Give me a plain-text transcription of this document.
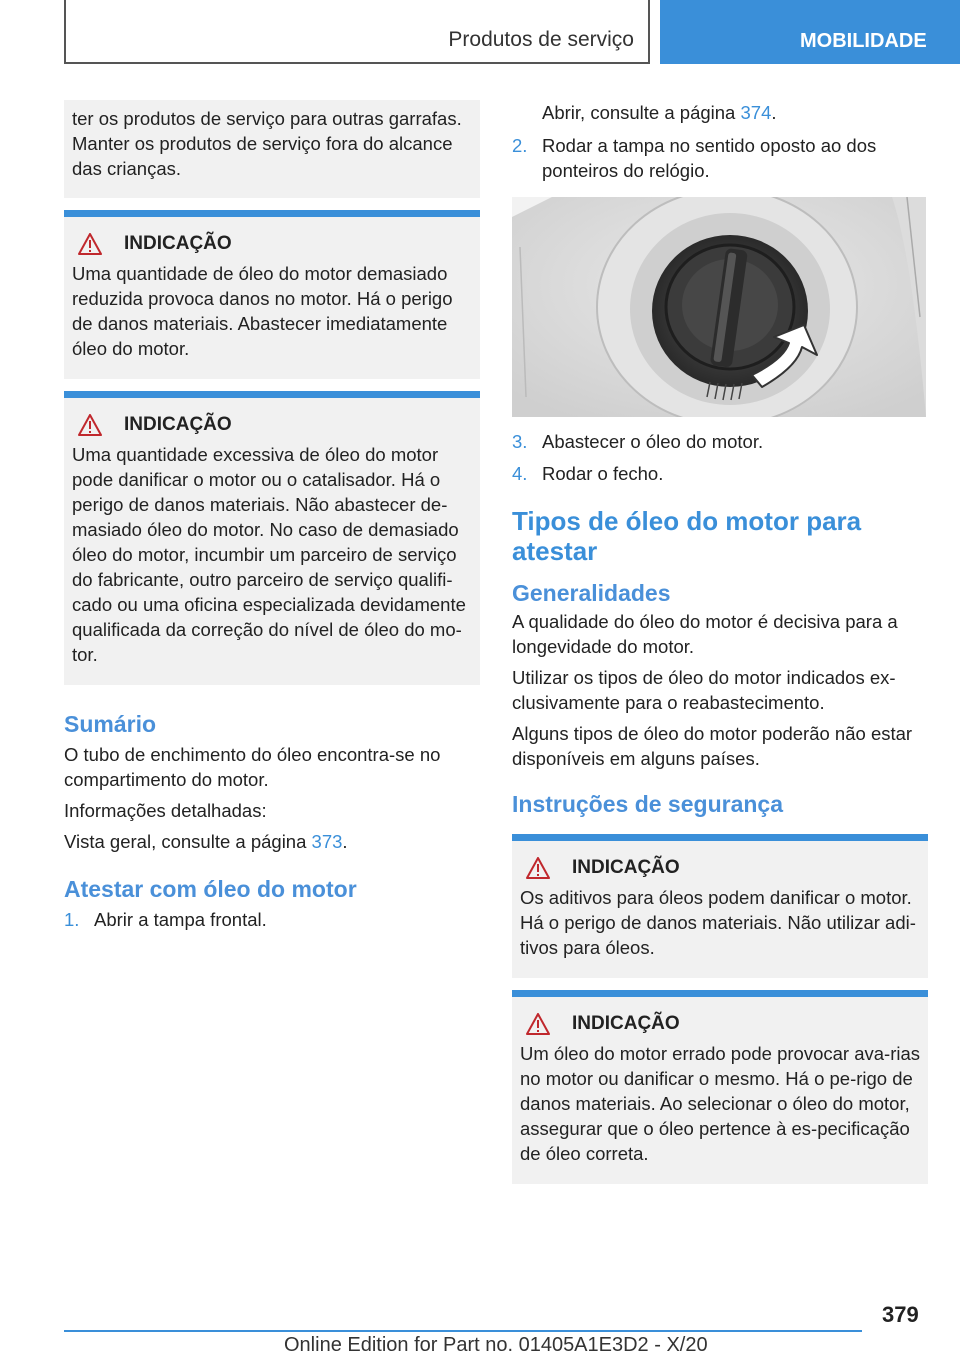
Produtos de serviço	MOBILIDADE

ter os produtos de serviço para outras garrafas. Manter os produtos de serviço fora do alcance das crianças.

INDICAÇÃO

Uma quantidade de óleo do motor demasiado reduzida provoca danos no motor. Há o perigo de danos materiais. Abastecer imediatamente óleo do motor.

INDICAÇÃO

Uma quantidade excessiva de óleo do motor pode danificar o motor ou o catalisador. Há o perigo de danos materiais. Não abastecer de-masiado óleo do motor. No caso de demasiado óleo do motor, incumbir um parceiro de serviço do fabricante, outro parceiro de serviço qualifi-cado ou uma oficina especializada devidamente qualificada da correção do nível de óleo do mo-tor.

Sumário

O tubo de enchimento do óleo encontra-se no compartimento do motor.

Informações detalhadas:

Vista geral, consulte a página 373.

Atestar com óleo do motor
1. Abrir a tampa frontal.
Abrir, consulte a página 374.
2. Rodar a tampa no sentido oposto ao dos ponteiros do relógio.
3. Abastecer o óleo do motor.
4. Rodar o fecho.
Tipos de óleo do motor para atestar
Generalidades

A qualidade do óleo do motor é decisiva para a longevidade do motor.

Utilizar os tipos de óleo do motor indicados ex-clusivamente para o reabastecimento.

Alguns tipos de óleo do motor poderão não estar disponíveis em alguns países.

Instruções de segurança
INDICAÇÃO

Os aditivos para óleos podem danificar o motor. Há o perigo de danos materiais. Não utilizar adi-tivos para óleos.

INDICAÇÃO

Um óleo do motor errado pode provocar ava-rias no motor ou danificar o mesmo. Há o pe-rigo de danos materiais. Ao selecionar o óleo do motor, assegurar que o óleo pertence à es-pecificação de óleo correta.

379
Online Edition for Part no. 01405A1E3D2 - X/20
